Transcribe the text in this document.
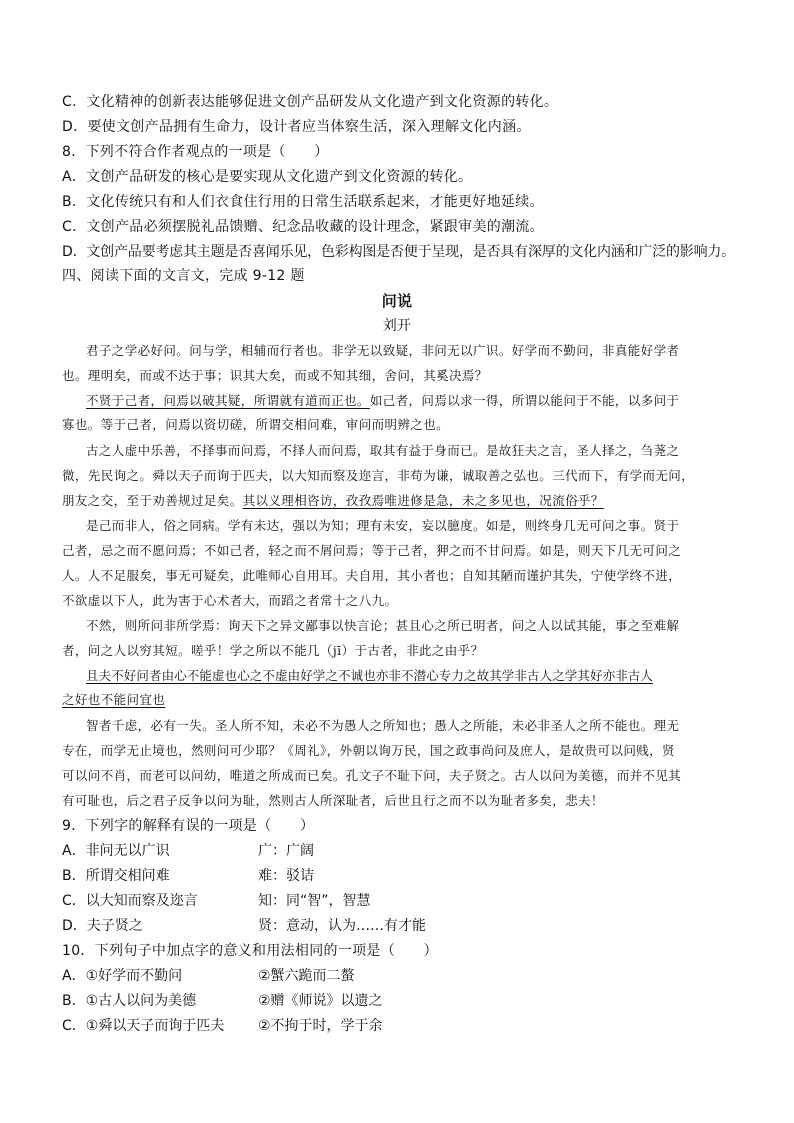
C．文化精神的创新表达能够促进文创产品研发从文化遗产到文化资源的转化。
D．要使文创产品拥有生命力，设计者应当体察生活，深入理解文化内涵。
8．下列不符合作者观点的一项是（　　）
A．文创产品研发的核心是要实现从文化遗产到文化资源的转化。
B．文化传统只有和人们衣食住行用的日常生活联系起来，才能更好地延续。
C．文创产品必须摆脱礼品馈赠、纪念品收藏的设计理念，紧跟审美的潮流。
D．文创产品要考虑其主题是否喜闻乐见，色彩构图是否便于呈现，是否具有深厚的文化内涵和广泛的影响力。
四、阅读下面的文言文，完成 9-12 题
问说
刘开
君子之学必好问。问与学，相辅而行者也。非学无以致疑，非问无以广识。好学而不勤问，非真能好学者
也。理明矣，而或不达于事；识其大矣，而或不知其细，舍问，其奚决焉？
不贤于己者，问焉以破其疑，所谓就有道而正也。如己者，问焉以求一得，所谓以能问于不能，以多问于
寡也。等于己者，问焉以资切磋，所谓交相问难，审问而明辨之也。
古之人虚中乐善，不择事而问焉，不择人而问焉，取其有益于身而已。是故狂夫之言，圣人择之，刍荛之
微，先民询之。舜以天子而询于匹夫，以大知而察及迩言，非苟为谦，诚取善之弘也。三代而下，有学而无问，
朋友之交，至于劝善规过足矣。其以义理相咨访，孜孜焉唯进修是急，未之多见也，况流俗乎？
是己而非人，俗之同病。学有未达，强以为知；理有未安，妄以臆度。如是，则终身几无可问之事。贤于
己者，忌之而不愿问焉；不如己者，轻之而不屑问焉；等于己者，狎之而不甘问焉。如是，则天下几无可问之
人。人不足服矣，事无可疑矣，此唯师心自用耳。夫自用，其小者也；自知其陋而谨护其失，宁使学终不进，
不欲虚以下人，此为害于心术者大，而蹈之者常十之八九。
不然，则所问非所学焉：询天下之异文鄙事以快言论；甚且心之所已明者，问之人以试其能，事之至难解
者，问之人以穷其短。嗟乎！学之所以不能几（jī）于古者，非此之由乎？
且夫不好问者由心不能虚也心之不虚由好学之不诚也亦非不潜心专力之故其学非古人之学其好亦非古人
之好也不能问宜也
智者千虑，必有一失。圣人所不知，未必不为愚人之所知也；愚人之所能，未必非圣人之所不能也。理无
专在，而学无止境也，然则问可少耶？《周礼》，外朝以询万民，国之政事尚问及庶人，是故贵可以问贱，贤
可以问不肖，而老可以问幼，唯道之所成而已矣。孔文子不耻下问，夫子贤之。古人以问为美德，而并不见其
有可耻也，后之君子反争以问为耻，然则古人所深耻者，后世且行之而不以为耻者多矣，悲夫！
9．下列字的解释有误的一项是（　　）
A．非问无以广识	广：广阔
B．所谓交相问难	难：驳诘
C．以大知而察及迩言	知：同“智”，智慧
D．夫子贤之	贤：意动，认为……有才能
10．下列句子中加点字的意义和用法相同的一项是（　　）
A．①好学而不勤问	②蟹六跪而二螯
B．①古人以问为美德	②赠《师说》以遗之
C．①舜以天子而询于匹夫 ②不拘于时，学于余
